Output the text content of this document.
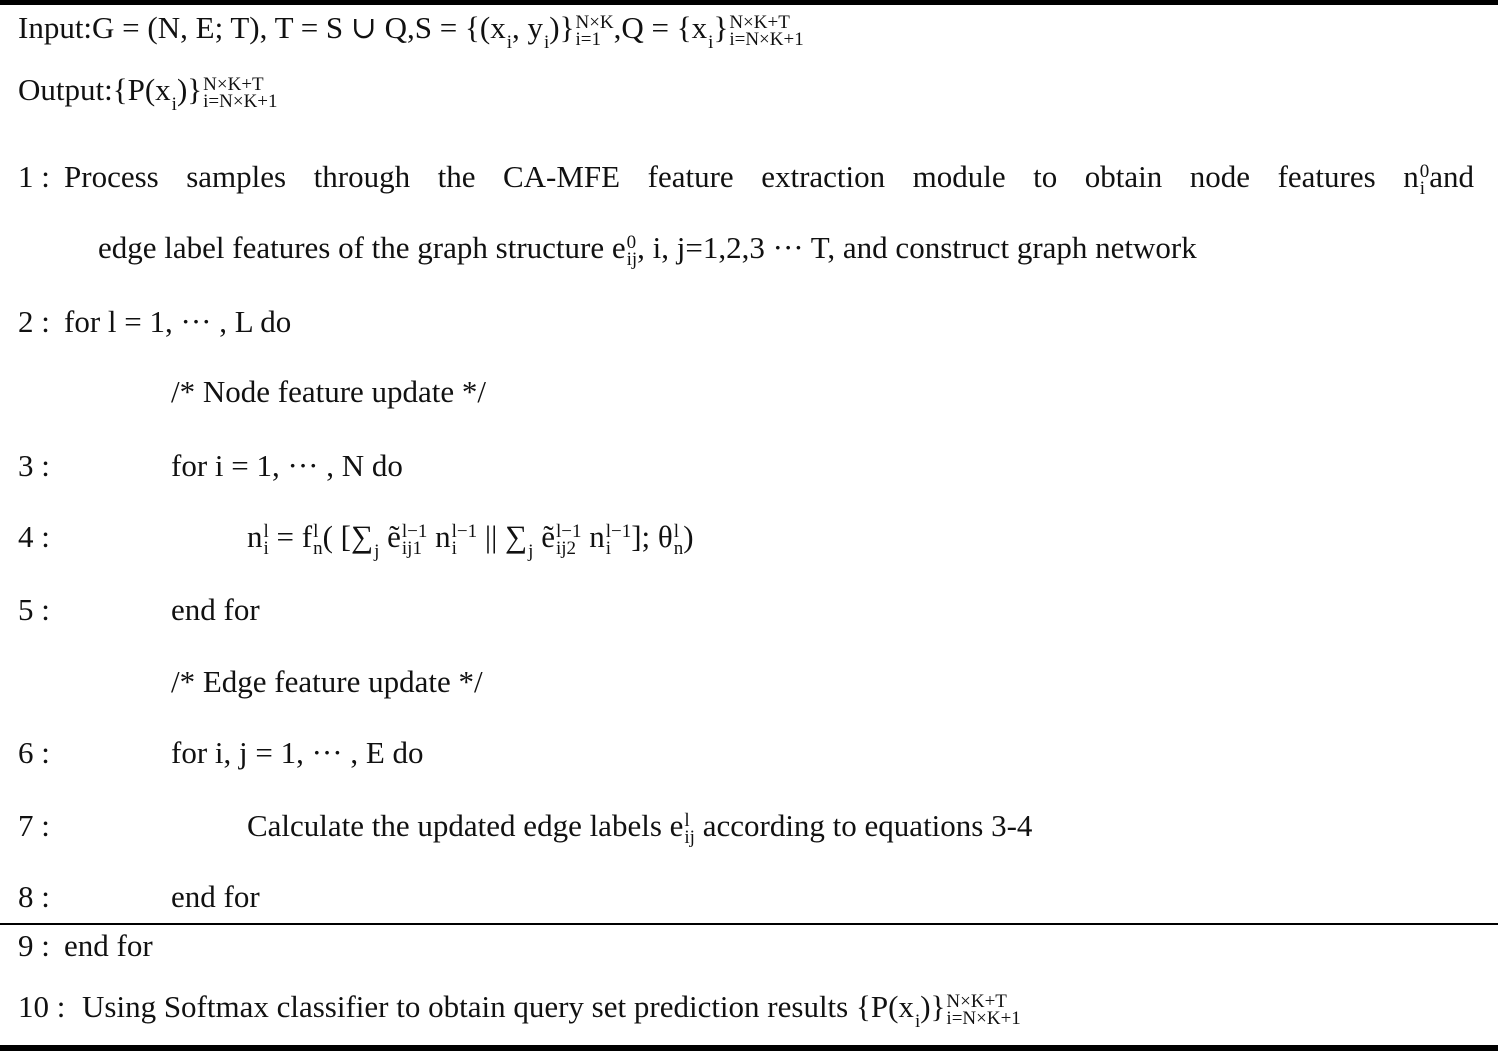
Input:G = (N, E; T), T = S ∪ Q,S = {(x i , y i )} N×K
i=1 ,Q = {x i } N×K+T
i=N×K+1
Output:{P(x i )} N×K+T
i=N×K+1
1 : Process samples through the CA-MFE feature extraction module to obtain node features n 0
i and
edge label features of the graph structure e 0
ij , i, j=1,2,3 ··· T, and construct graph network
2 : for l = 1, ··· , L do
/* Node feature update */
3 :	for i = 1, ··· , N do
4 :	n l
i = f l
n ( [∑ j ẽ l−1
ij1 n l−1
i || ∑ j ẽ l−1
ij2 n l−1
i ]; θ l
n )
5 :	end for
/* Edge feature update */
6 :	for i, j = 1, ··· , E do
7 :	Calculate the updated edge labels e l
ij according to equations 3-4
8 :	end for
9 : end for
10 : Using Softmax classifier to obtain query set prediction results {P(x i )} N×K+T
i=N×K+1
